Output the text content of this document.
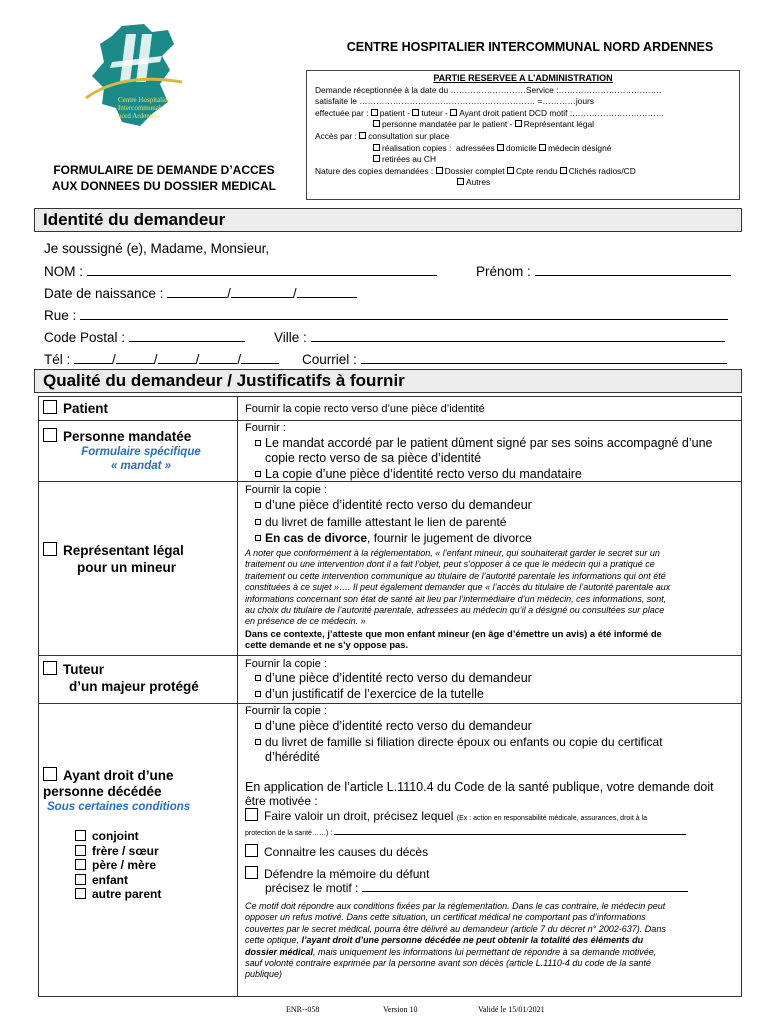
Centre Hospitalier
Intercommunal
nord Ardennes
FORMULAIRE DE DEMANDE D’ACCES
AUX DONNEES DU DOSSIER MEDICAL
CENTRE HOSPITALIER INTERCOMMUNAL NORD ARDENNES
PARTIE RESERVEE A L’ADMINISTRATION
Demande réceptionnée à la date du ………………………Service :……………………………….
satisfaite le ……………………………………………………… =…………jours
effectuée par : patient - tuteur - Ayant droit patient DCD motif :……………………………
personne mandatée par le patient - Représentant légal
Accès par : consultation sur place
réalisation copies : adressées domicile médecin désigné
retirées au CH
Nature des copies demandées : Dossier complet Cpte rendu Clichés radios/CD
Autres
Identité du demandeur
Je soussigné (e), Madame, Monsieur,
NOM :	Prénom :
Date de naissance :	/	/
Rue :
Code Postal :	Ville :
Tél :	/	/	/	/	Courriel :
Qualité du demandeur / Justificatifs à fournir
Patient	Fournir la copie recto verso d’une pièce d’identité
Personne mandatée
Formulaire spécifique
« mandat »
Fournir :
Le mandat accordé par le patient dûment signé par ses soins accompagné d’une
copie recto verso de sa pièce d’identité
La copie d’une pièce d’identité recto verso du mandataire
Représentant légal
pour un mineur
Fournir la copie :
d’une pièce d’identité recto verso du demandeur
du livret de famille attestant le lien de parenté
En cas de divorce, fournir le jugement de divorce
A noter que conformément à la réglementation, « l’enfant mineur, qui souhaiterait garder le secret sur un
traitement ou une intervention dont il a fait l’objet, peut s’opposer à ce que le médecin qui a pratiqué ce
traitement ou cette intervention communique au titulaire de l’autorité parentale les informations qui ont été
constituées à ce sujet »…. Il peut également demander que « l’accès du titulaire de l’autorité parentale aux
informations concernant son état de santé ait lieu par l’intermédiaire d’un médecin, ces informations, sont,
au choix du titulaire de l’autorité parentale, adressées au médecin qu’il a désigné ou consultées sur place
en présence de ce médecin. »
Dans ce contexte, j’atteste que mon enfant mineur (en âge d’émettre un avis) a été informé de
cette demande et ne s’y oppose pas.
Tuteur
d’un majeur protégé
Fournir la copie :
d’une pièce d’identité recto verso du demandeur
d’un justificatif de l’exercice de la tutelle
Ayant droit d’une
personne décédée
Sous certaines conditions
conjoint
frère / sœur
père / mère
enfant
autre parent
Fournir la copie :
d’une pièce d’identité recto verso du demandeur
du livret de famille si filiation directe époux ou enfants ou copie du certificat
d’hérédité
En application de l’article L.1110.4 du Code de la santé publique, votre demande doit
être motivée :
Faire valoir un droit, précisez lequel (Ex : action en responsabilité médicale, assurances, droit à la
protection de la santé……) :
Connaitre les causes du décès
Défendre la mémoire du défunt
précisez le motif :
Ce motif doit répondre aux conditions fixées par la réglementation. Dans le cas contraire, le médecin peut
opposer un refus motivé. Dans cette situation, un certificat médical ne comportant pas d’informations
couvertes par le secret médical, pourra être délivré au demandeur (article 7 du décret n° 2002-637). Dans
cette optique, l’ayant droit d’une personne décédée ne peut obtenir la totalité des éléments du
dossier médical, mais uniquement les informations lui permettant de répondre à sa demande motivée,
sauf volonté contraire exprimée par la personne avant son décès (article L.1110-4 du code de la santé
publique)
ENR--058	Version 10	Validé le 15/01/2021
